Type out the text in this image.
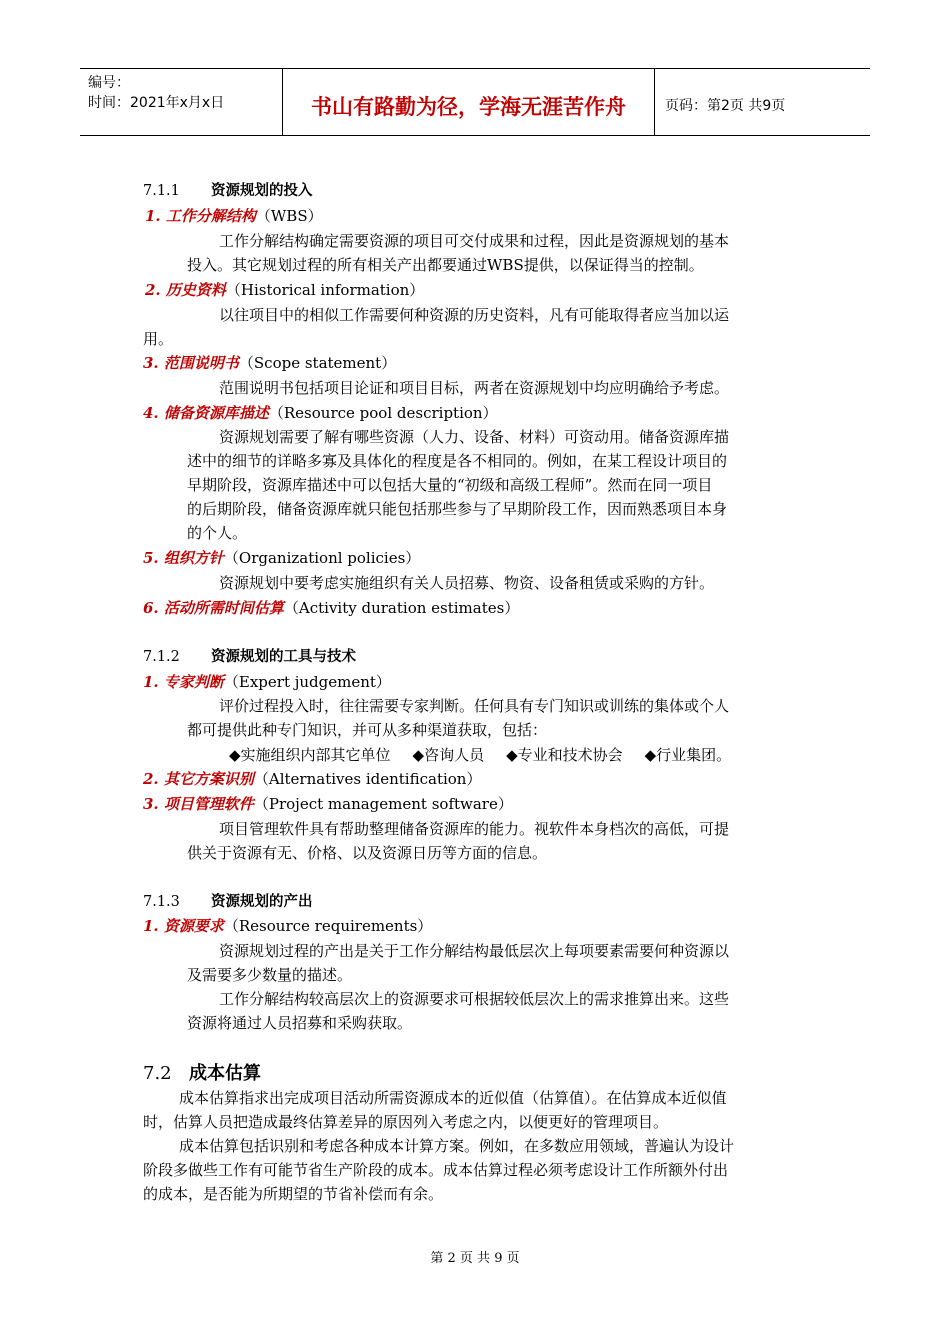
编号：
时间：2021年x月x日	书山有路勤为径，学海无涯苦作舟	页码：第2页 共9页
7.1.1 资源规划的投入
1. 工作分解结构（WBS）
工作分解结构确定需要资源的项目可交付成果和过程，因此是资源规划的基本
投入。其它规划过程的所有相关产出都要通过WBS提供，以保证得当的控制。
2. 历史资料（Historical information）
以往项目中的相似工作需要何种资源的历史资料，凡有可能取得者应当加以运
用。
3. 范围说明书（Scope statement）
范围说明书包括项目论证和项目目标，两者在资源规划中均应明确给予考虑。
4. 储备资源库描述（Resource pool description）
资源规划需要了解有哪些资源（人力、设备、材料）可资动用。储备资源库描
述中的细节的详略多寡及具体化的程度是各不相同的。例如，在某工程设计项目的
早期阶段，资源库描述中可以包括大量的“初级和高级工程师”。然而在同一项目
的后期阶段，储备资源库就只能包括那些参与了早期阶段工作，因而熟悉项目本身
的个人。
5. 组织方针（Organizationl policies）
资源规划中要考虑实施组织有关人员招募、物资、设备租赁或采购的方针。
6. 活动所需时间估算（Activity duration estimates）
7.1.2 资源规划的工具与技术
1. 专家判断（Expert judgement）
评价过程投入时，往往需要专家判断。任何具有专门知识或训练的集体或个人
都可提供此种专门知识，并可从多种渠道获取，包括：
◆实施组织内部其它单位 ◆咨询人员 ◆专业和技术协会 ◆行业集团。
2. 其它方案识别（Alternatives identification）
3. 项目管理软件（Project management software）
项目管理软件具有帮助整理储备资源库的能力。视软件本身档次的高低，可提
供关于资源有无、价格、以及资源日历等方面的信息。
7.1.3 资源规划的产出
1. 资源要求（Resource requirements）
资源规划过程的产出是关于工作分解结构最低层次上每项要素需要何种资源以
及需要多少数量的描述。
工作分解结构较高层次上的资源要求可根据较低层次上的需求推算出来。这些
资源将通过人员招募和采购获取。
7.2 成本估算
成本估算指求出完成项目活动所需资源成本的近似值（估算值）。在估算成本近似值
时，估算人员把造成最终估算差异的原因列入考虑之内，以便更好的管理项目。
成本估算包括识别和考虑各种成本计算方案。例如，在多数应用领域，普遍认为设计
阶段多做些工作有可能节省生产阶段的成本。成本估算过程必须考虑设计工作所额外付出
的成本，是否能为所期望的节省补偿而有余。
第 2 页 共 9 页
